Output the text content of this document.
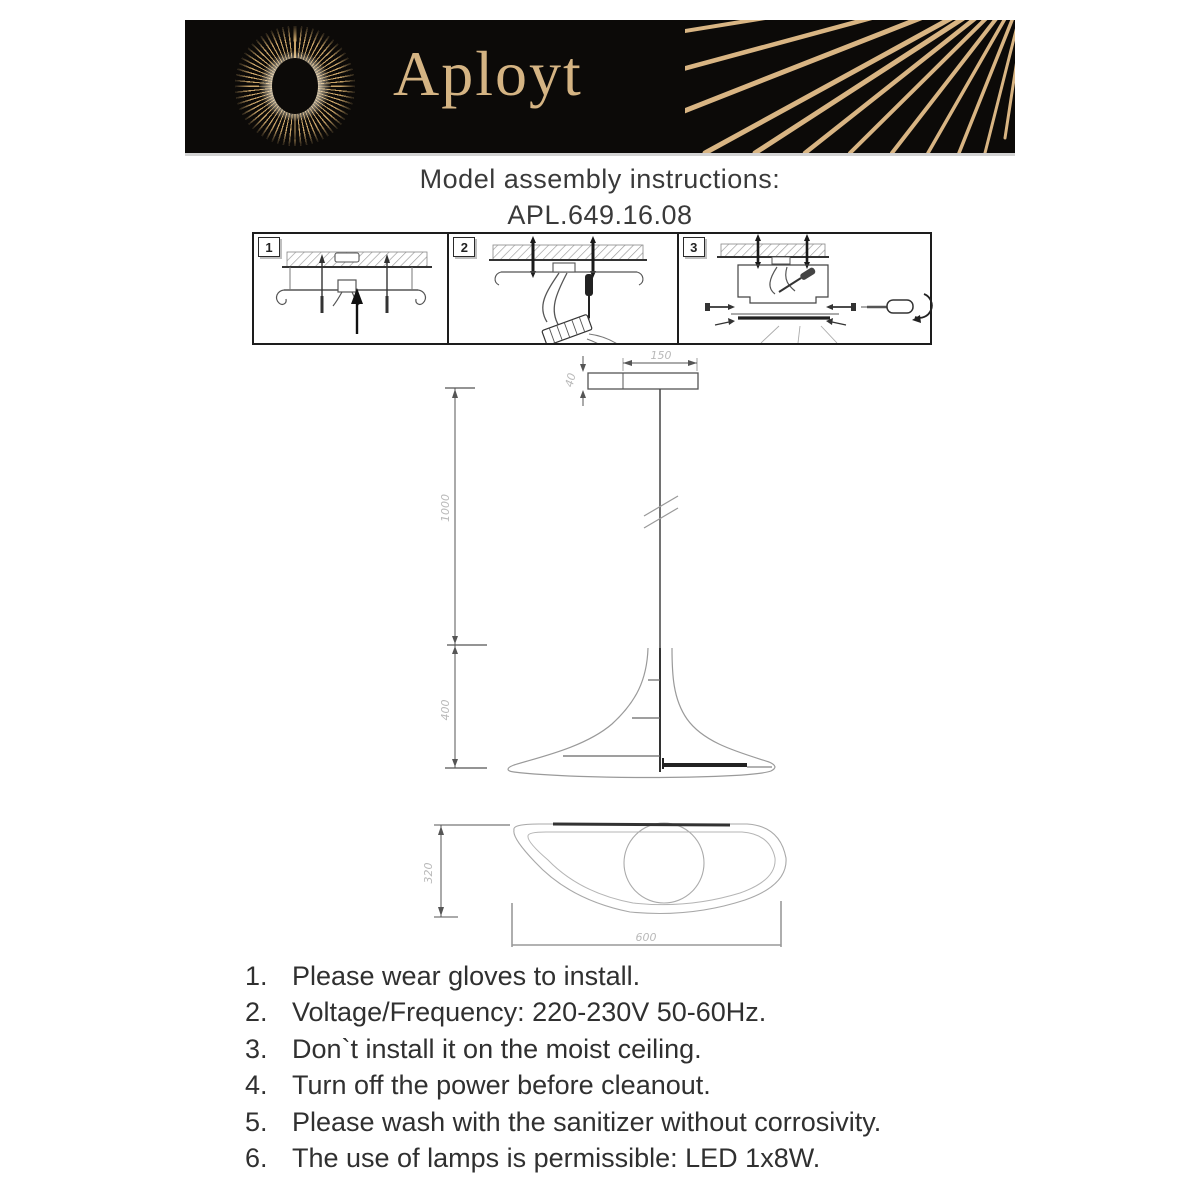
Aployt
Model assembly instructions:
APL.649.16.08
1	2	3
150
40
1000
400
320
600
1. Please wear gloves to install.
2. Voltage/Frequency: 220-230V 50-60Hz.
3. Don`t install it on the moist ceiling.
4. Turn off the power before cleanout.
5. Please wash with the sanitizer without corrosivity.
6. The use of lamps is permissible: LED 1x8W.
